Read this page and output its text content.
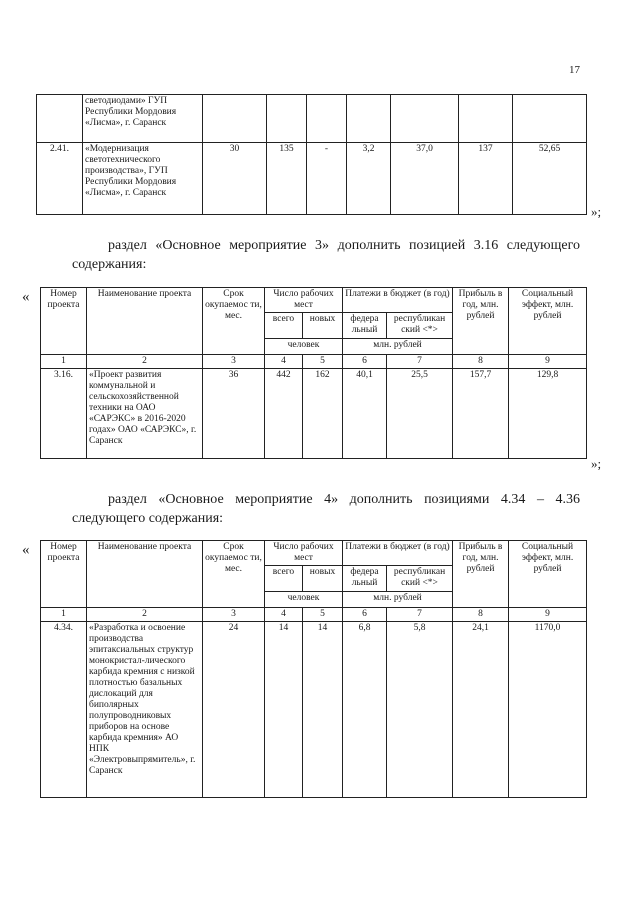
17
	светодиодами» ГУП Республики Мордовия «Лисма», г. Саранск							
2.41.	«Модернизация светотехнического производства», ГУП Республики Мордовия «Лисма», г. Саранск	30	135	-	3,2	37,0	137	52,65
»;
раздел «Основное мероприятие 3» дополнить позицией 3.16 следующего содержания:
« Номер проекта	Наименование проекта	Срок окупаемос ти, мес.	Число рабочих мест		Платежи в бюджет (в год)		Прибыль в год, млн. рублей	Социальный эффект, млн. рублей
			всего	новых	федера льный	республикан ский <*>		
			человек		млн. рублей			
1	2	3	4	5	6	7	8	9
3.16.	«Проект развития коммунальной и сельскохозяйственной техники на ОАО «САРЭКС» в 2016-2020 годах» ОАО «САРЭКС», г. Саранск	36	442	162	40,1	25,5	157,7	129,8
»;
раздел «Основное мероприятие 4» дополнить позициями 4.34 – 4.36 следующего содержания:
« Номер проекта	Наименование проекта	Срок окупаемос ти, мес.	Число рабочих мест		Платежи в бюджет (в год)		Прибыль в год, млн. рублей	Социальный эффект, млн. рублей
			всего	новых	федера льный	республикан ский <*>		
			человек		млн. рублей			
1	2	3	4	5	6	7	8	9
4.34.	«Разработка и освоение производства эпитаксиальных структур монокристал-лического карбида кремния с низкой плотностью базальных дислокаций для биполярных полупроводниковых приборов на основе карбида кремния» АО НПК «Электровыпрямитель», г. Саранск	24	14	14	6,8	5,8	24,1	1170,0
